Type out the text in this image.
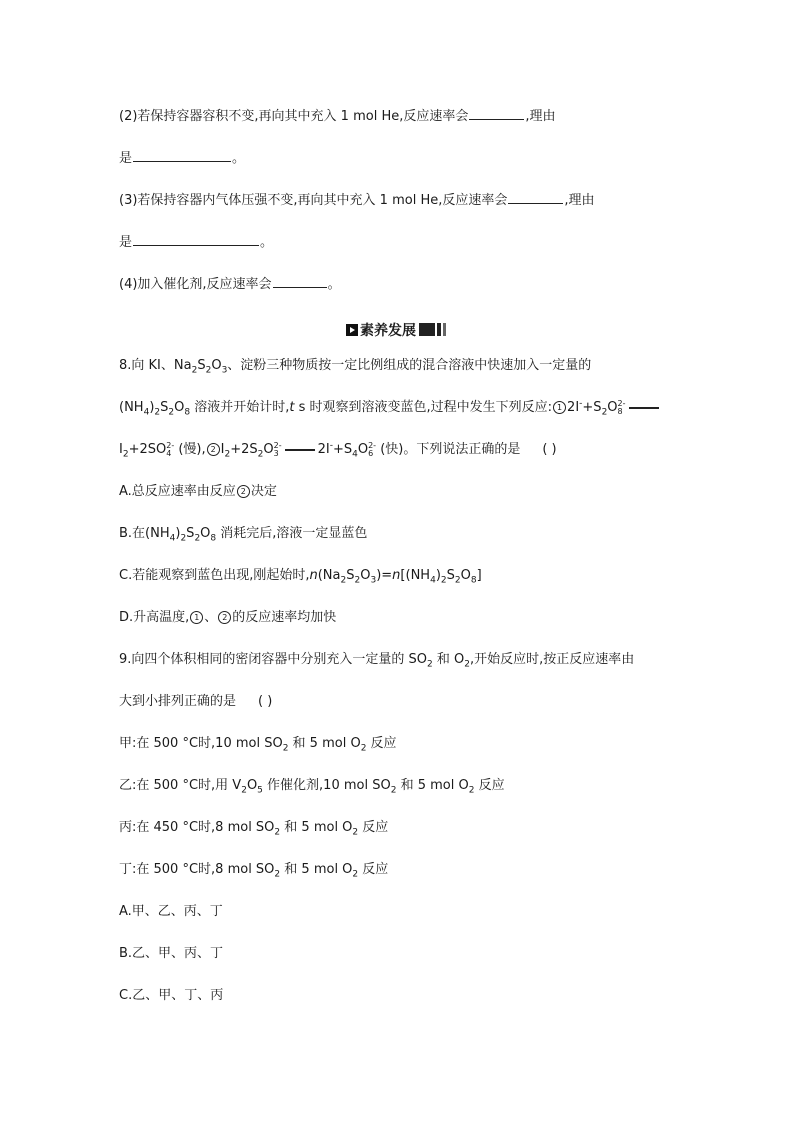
(2)若保持容器容积不变,再向其中充入 1 mol He,反应速率会	,理由
是	。
(3)若保持容器内气体压强不变,再向其中充入 1 mol He,反应速率会	,理由
是	。
(4)加入催化剂,反应速率会	。
素养发展
8.向 KI、$Na_2S_2O_3$、淀粉三种物质按一定比例组成的混合溶液中快速加入一定量的
$(NH_4)_2S_2O_8$ 溶液并开始计时,t s 时观察到溶液变蓝色,过程中发生下列反应: 1 $2I^-+S_2O2-$
8
$I_2+2SO2-$
4 (慢), 2 $I_2+2S_2O2-$
3	$2I^-+S_4O2-$
6 (快)。下列说法正确的是 ( )
A.总反应速率由反应 2 决定
B.在$(NH_4)_2S_2O_8$ 消耗完后,溶液一定显蓝色
C.若能观察到蓝色出现,刚起始时$,n(Na_2S_2O_3)=n[(NH_4)_2S_2O_8]$
D.升高温度, 1 、 2 的反应速率均加快
9.向四个体积相同的密闭容器中分别充入一定量的 $SO_2$ 和 $O_2$,开始反应时,按正反应速率由
大到小排列正确的是 ( )
甲:在 500 °C时,10 mol $SO_2$ 和 5 mol $O_2$ 反应
乙:在 500 °C时,用 $V_2O_5$ 作催化剂,10 mol $SO_2$ 和 5 mol $O_2$ 反应
丙:在 450 °C时,8 mol $SO_2$ 和 5 mol $O_2$ 反应
丁:在 500 °C时,8 mol $SO_2$ 和 5 mol $O_2$ 反应
A.甲、乙、丙、丁
B.乙、甲、丙、丁
C.乙、甲、丁、丙
